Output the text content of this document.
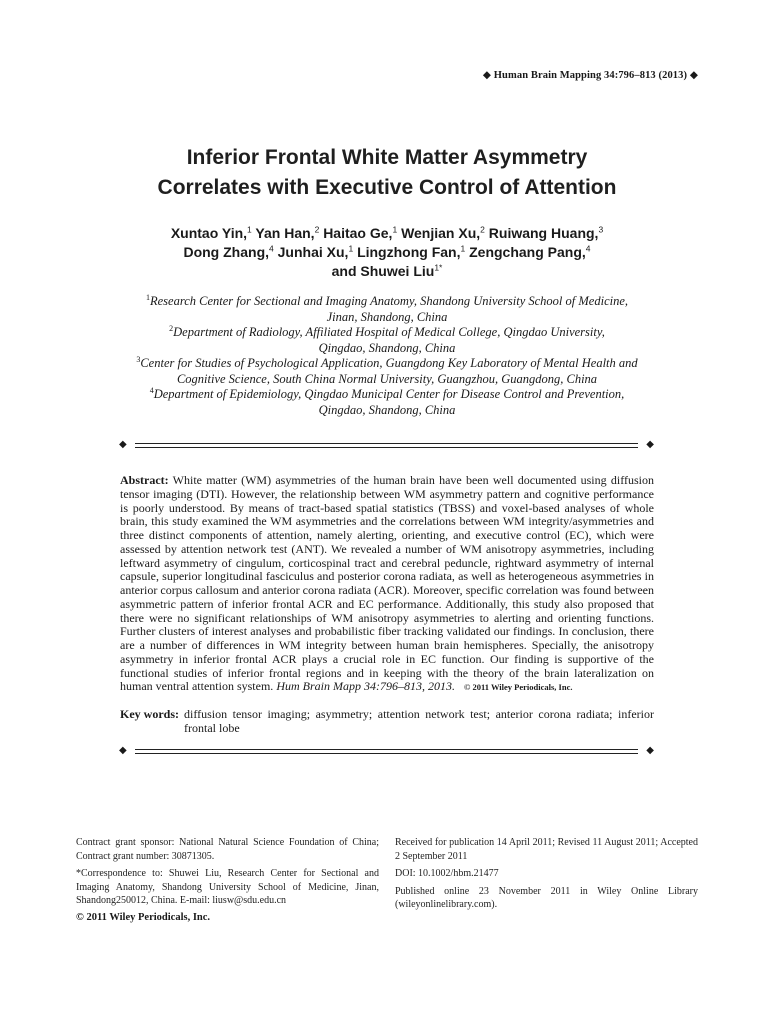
◆ Human Brain Mapping 34:796–813 (2013) ◆
Inferior Frontal White Matter Asymmetry
Correlates with Executive Control of Attention
Xuntao Yin,$^1$ Yan Han,$^2$ Haitao Ge,$^1$ Wenjian Xu,$^2$ Ruiwang Huang,$^3$
Dong Zhang,$^4$ Junhai Xu,$^1$ Lingzhong Fan,$^1$ Zengchang Pang,$^4$
and Shuwei Liu$^{1*}$
$^1$Research Center for Sectional and Imaging Anatomy, Shandong University School of Medicine,
Jinan, Shandong, China
$^2$Department of Radiology, Affiliated Hospital of Medical College, Qingdao University,
Qingdao, Shandong, China
$^3$Center for Studies of Psychological Application, Guangdong Key Laboratory of Mental Health and
Cognitive Science, South China Normal University, Guangzhou, Guangdong, China
$^4$Department of Epidemiology, Qingdao Municipal Center for Disease Control and Prevention,
Qingdao, Shandong, China
◆	◆
Abstract: White matter (WM) asymmetries of the human brain have been well documented using diffusion tensor imaging (DTI). However, the relationship between WM asymmetry pattern and cognitive performance is poorly understood. By means of tract-based spatial statistics (TBSS) and voxel-based analyses of whole brain, this study examined the WM asymmetries and the correlations between WM integrity/asymmetries and three distinct components of attention, namely alerting, orienting, and executive control (EC), which were assessed by attention network test (ANT). We revealed a number of WM anisotropy asymmetries, including leftward asymmetry of cingulum, corticospinal tract and cerebral peduncle, rightward asymmetry of internal capsule, superior longitudinal fasciculus and posterior corona radiata, as well as heterogeneous asymmetries in anterior corpus callosum and anterior corona radiata (ACR). Moreover, specific correlation was found between asymmetric pattern of inferior frontal ACR and EC performance. Additionally, this study also proposed that there were no significant relationships of WM anisotropy asymmetries to alerting and orienting functions. Further clusters of interest analyses and probabilistic fiber tracking validated our findings. In conclusion, there are a number of differences in WM integrity between human brain hemispheres. Specially, the anisotropy asymmetry in inferior frontal ACR plays a crucial role in EC function. Our finding is supportive of the functional studies of inferior frontal regions and in keeping with the theory of the brain lateralization on human ventral attention system. Hum Brain Mapp 34:796–813, 2013. © 2011 Wiley Periodicals, Inc.
Key words: diffusion tensor imaging; asymmetry; attention network test; anterior corona radiata; inferior frontal lobe
◆	◆

Contract grant sponsor: National Natural Science Foundation of China; Contract grant number: 30871305.

*Correspondence to: Shuwei Liu, Research Center for Sectional and Imaging Anatomy, Shandong University School of Medicine, Jinan, Shandong250012, China. E-mail: liusw@sdu.edu.cn

Received for publication 14 April 2011; Revised 11 August 2011; Accepted 2 September 2011

DOI: 10.1002/hbm.21477

Published online 23 November 2011 in Wiley Online Library (wileyonlinelibrary.com).

© 2011 Wiley Periodicals, Inc.
